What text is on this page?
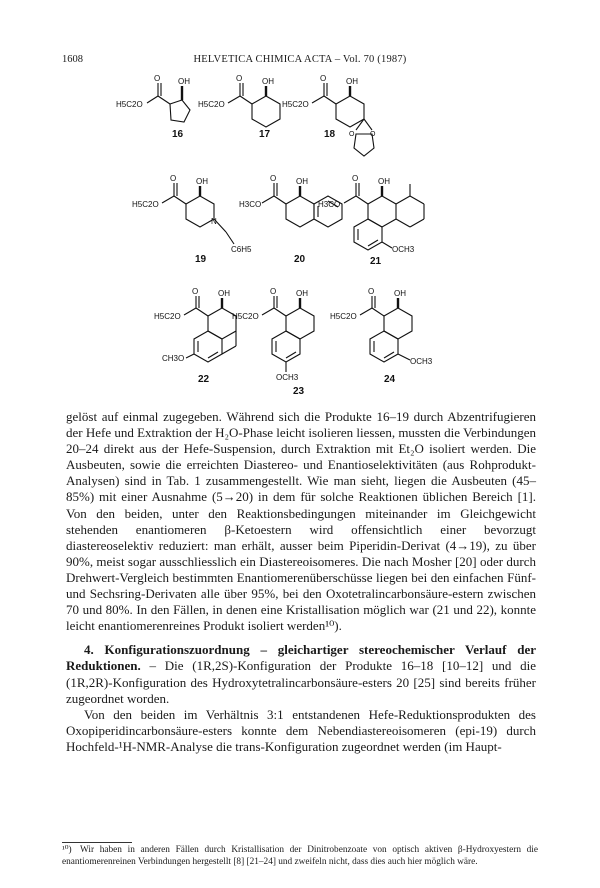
1608	HELVETICA CHIMICA ACTA – Vol. 70 (1987)
O OH
H5C2O
16
O OH
H5C2O
17
O OH
O O
H5C2O
18
O OH
N
C6H5
H5C2O
19
O OH
H3CO
20
O OH
OCH3
H3CO
21
O OH
CH3O
H5C2O
22
O OH
OCH3
H5C2O
23
O OH
OCH3
H5C2O
24

gelöst auf einmal zugegeben. Während sich die Produkte 16–19 durch Abzentrifugieren der Hefe und Extraktion der H₂O-Phase leicht isolieren liessen, mussten die Verbindungen 20–24 direkt aus der Hefe-Suspension, durch Extraktion mit Et₂O isoliert werden. Die Ausbeuten, sowie die erreichten Diastereo- und Enantioselektivitäten (aus Rohprodukt-Analysen) sind in Tab. 1 zusammengestellt. Wie man sieht, liegen die Ausbeuten (45–85%) mit einer Ausnahme (5→20) in dem für solche Reaktionen üblichen Bereich [1]. Von den beiden, unter den Reaktionsbedingungen miteinander im Gleichgewicht stehenden enantiomeren β-Ketoestern wird offensichtlich einer bevorzugt diastereoselektiv reduziert: man erhält, ausser beim Piperidin-Derivat (4→19), zu über 90%, meist sogar ausschliesslich ein Diastereoisomeres. Die nach Mosher [20] oder durch Drehwert-Vergleich bestimmten Enantiomerenüberschüsse liegen bei den einfachen Fünf- und Sechsring-Derivaten alle über 95%, bei den Oxotetralincarbonsäure-estern zwischen 70 und 80%. In den Fällen, in denen eine Kristallisation möglich war (21 und 22), konnte leicht enantiomerenreines Produkt isoliert werden¹⁰).

4. Konfigurationszuordnung – gleichartiger stereochemischer Verlauf der Reduktionen. – Die (1R,2S)-Konfiguration der Produkte 16–18 [10–12] und die (1R,2R)-Konfiguration des Hydroxytetralincarbonsäure-esters 20 [25] sind bereits früher zugeordnet worden.

Von den beiden im Verhältnis 3:1 entstandenen Hefe-Reduktionsprodukten des Oxopiperidincarbonsäure-esters konnte dem Nebendiastereoisomeren (epi-19) durch Hochfeld-¹H-NMR-Analyse die trans-Konfiguration zugeordnet werden (im Haupt-

¹⁰) Wir haben in anderen Fällen durch Kristallisation der Dinitrobenzoate von optisch aktiven β-Hydroxyestern die enantiomerenreinen Verbindungen hergestellt [8] [21–24] und zweifeln nicht, dass dies auch hier möglich wäre.
